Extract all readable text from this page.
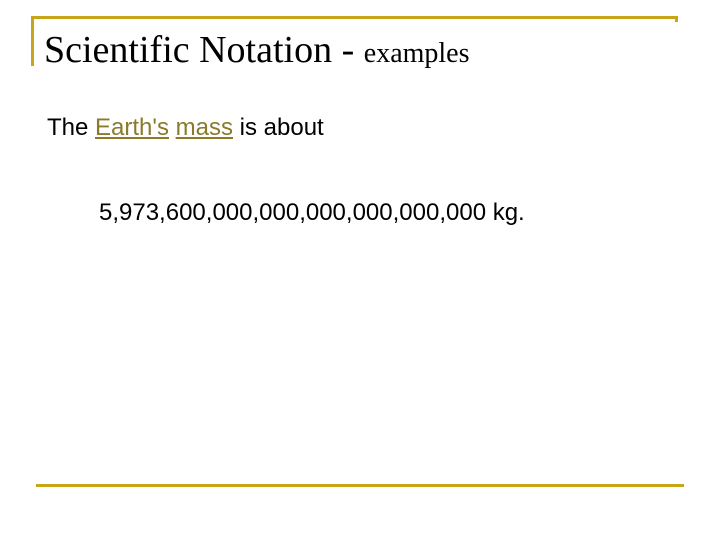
Scientific Notation - examples
The Earth's mass is about
5,973,600,000,000,000,000,000,000 kg.
